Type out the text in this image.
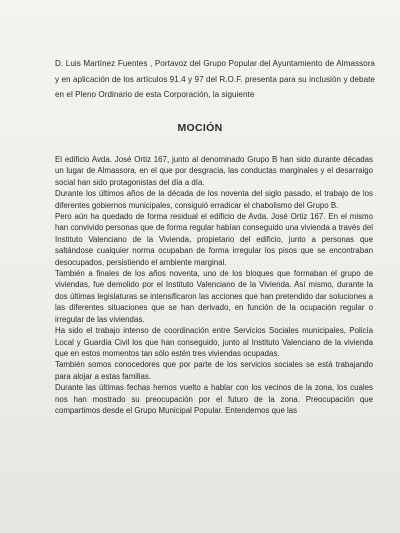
D. Luis Martínez Fuentes , Portavoz del Grupo Popular del Ayuntamiento de Almassora y en aplicación de los artículos 91.4 y 97 del R.O.F. presenta para su inclusión y debate en el Pleno Ordinario de esta Corporación, la siguiente

MOCIÓN

El edificio Avda. José Ortiz 167, junto al denominado Grupo B han sido durante décadas un lugar de Almassora, en el que por desgracia, las conductas marginales y el desarraigo social han sido protagonistas del día a día.

Durante los últimos años de la década de los noventa del siglo pasado, el trabajo de los diferentes gobiernos municipales, consiguió erradicar el chabolismo del Grupo B.

Pero aún ha quedado de forma residual el edificio de Avda. José Ortiz 167. En el mismo han convivido personas que de forma regular habían conseguido una vivienda a través del Instituto Valenciano de la Vivienda, propietario del edificio, junto a personas que saltándose cualquier norma ocupaban de forma irregular los pisos que se encontraban desocupados, persistiendo el ambiente marginal.

También a finales de los años noventa, uno de los bloques que formaban el grupo de viviendas, fue demolido por el Instituto Valenciano de la Vivienda. Así mismo, durante la dos últimas legislaturas se intensificaron las acciones que han pretendido dar soluciones a las diferentes situaciones que se han derivado, en función de la ocupación regular o irregular de las viviendas.

Ha sido el trabajo intenso de coordinación entre Servicios Sociales municipales, Policía Local y Guardia Civil los que han conseguido, junto al Instituto Valenciano de la vivienda que en estos momentos tan sólo estén tres viviendas ocupadas.

También somos conocedores que por parte de los servicios sociales se está trabajando para alojar a estas familias.

Durante las últimas fechas hemos vuelto a hablar con los vecinos de la zona, los cuales nos han mostrado su preocupación por el futuro de la zona. Preocupación que compartimos desde el Grupo Municipal Popular. Entendemos que las
